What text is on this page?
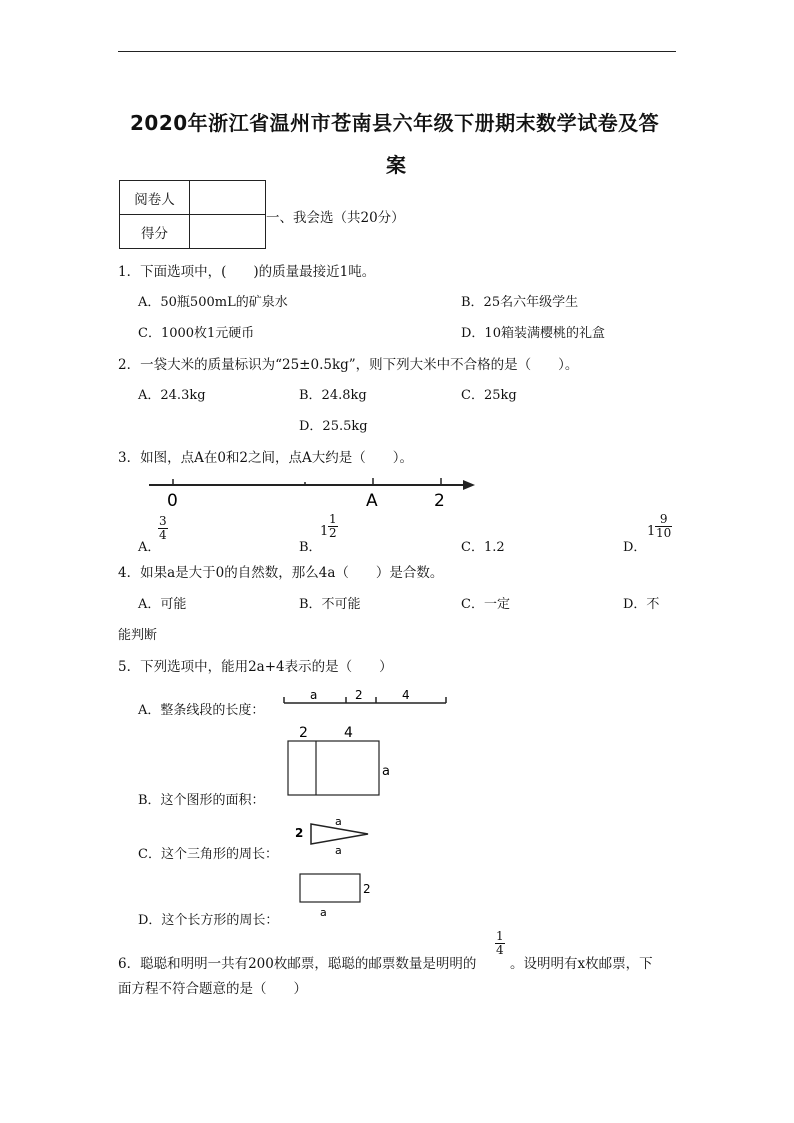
2020年浙江省温州市苍南县六年级下册期末数学试卷及答
案
阅卷人	
得分	
一、我会选（共20分）
1．下面选项中，(　　)的质量最接近1吨。
A．50瓶500mL的矿泉水	B．25名六年级学生
C．1000枚1元硬币	D．10箱装满樱桃的礼盒
2．一袋大米的质量标识为“25±0.5kg”，则下列大米中不合格的是（　　）。
A．24.3kg	B．24.8kg	C．25kg
D．25.5kg
3．如图，点A在0和2之间，点A大约是（　　）。
0	A	2
A．
$\frac{3}{4}$
B．
$1 \frac{1}{2}$
C．1.2	D．
$1 \frac{9}{10}$
4．如果a是大于0的自然数，那么4a（　　）是合数。
A．可能	B．不可能	C．一定	D．不
能判断
5．下列选项中，能用2a+4表示的是（　　）
A．整条线段的长度：
a	2	4
B．这个图形的面积：
2	4
a
C．这个三角形的周长：
2
a
a
D．这个长方形的周长：
2
a
6．聪聪和明明一共有200枚邮票，聪聪的邮票数量是明明的
$\frac{1}{4}$
。设明明有x枚邮票，下
面方程不符合题意的是（　　）
